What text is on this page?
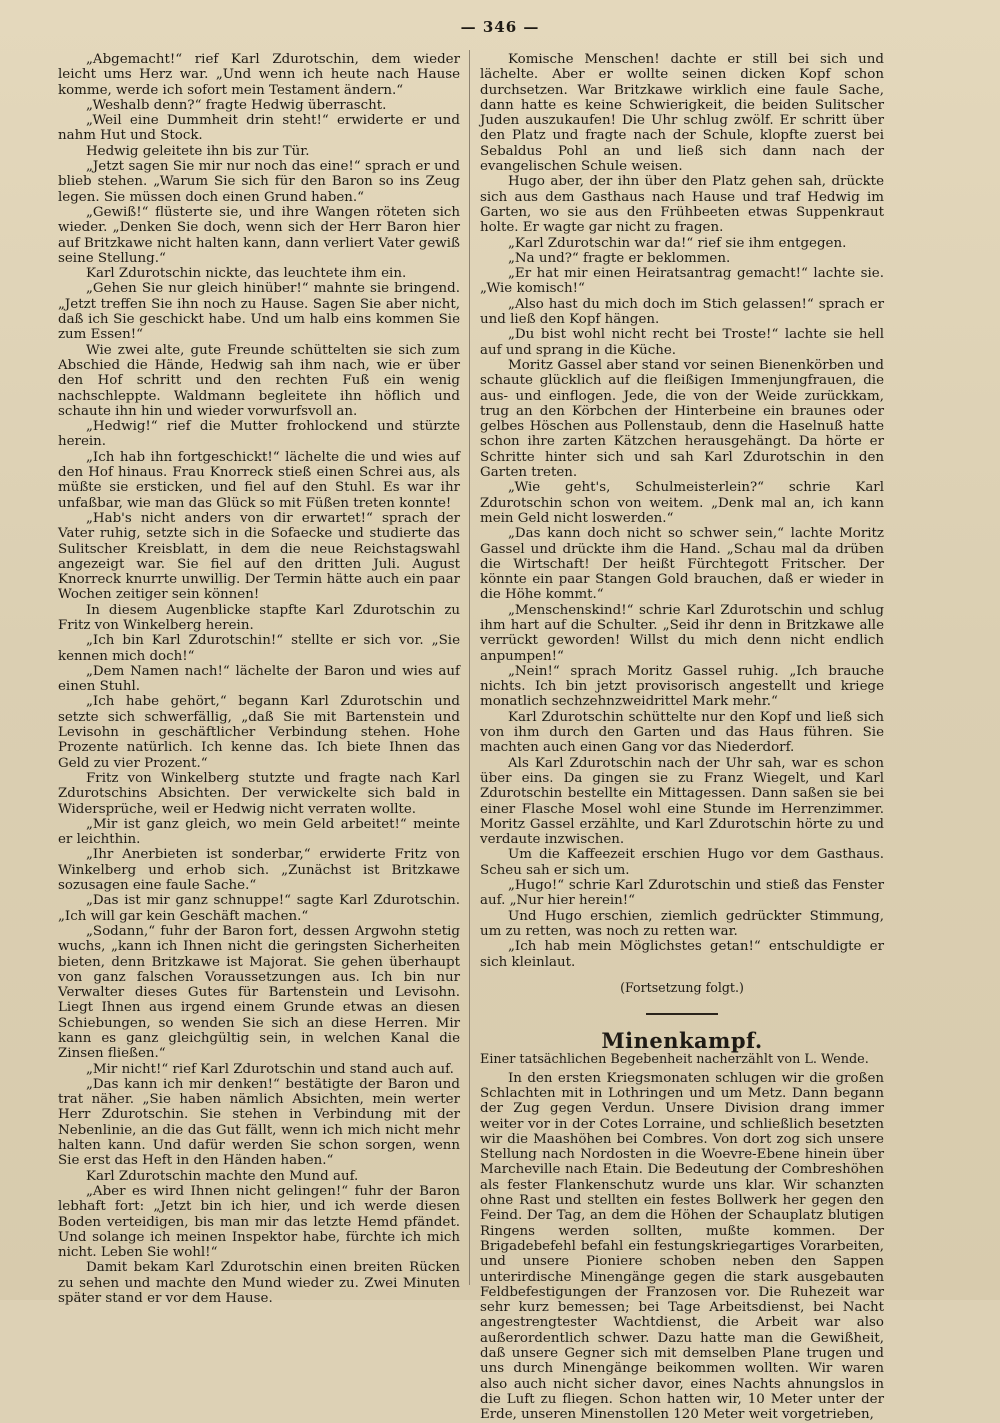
— 346 —

„Abgemacht!“ rief Karl Zdurotschin, dem wieder leicht ums Herz war. „Und wenn ich heute nach Hause komme, werde ich sofort mein Testament ändern.“

„Weshalb denn?“ fragte Hedwig überrascht.

„Weil eine Dummheit drin steht!“ erwiderte er und nahm Hut und Stock.

Hedwig geleitete ihn bis zur Tür.

„Jetzt sagen Sie mir nur noch das eine!“ sprach er und blieb stehen. „Warum Sie sich für den Baron so ins Zeug legen. Sie müssen doch einen Grund haben.“

„Gewiß!“ flüsterte sie, und ihre Wangen röteten sich wieder. „Denken Sie doch, wenn sich der Herr Baron hier auf Britzkawe nicht halten kann, dann verliert Vater gewiß seine Stellung.“

Karl Zdurotschin nickte, das leuchtete ihm ein.

„Gehen Sie nur gleich hinüber!“ mahnte sie bringend. „Jetzt treffen Sie ihn noch zu Hause. Sagen Sie aber nicht, daß ich Sie geschickt habe. Und um halb eins kommen Sie zum Essen!“

Wie zwei alte, gute Freunde schüttelten sie sich zum Abschied die Hände, Hedwig sah ihm nach, wie er über den Hof schritt und den rechten Fuß ein wenig nachschleppte. Waldmann begleitete ihn höflich und schaute ihn hin und wieder vorwurfsvoll an.

„Hedwig!“ rief die Mutter frohlockend und stürzte herein.

„Ich hab ihn fortgeschickt!“ lächelte die und wies auf den Hof hinaus. Frau Knorreck stieß einen Schrei aus, als müßte sie ersticken, und fiel auf den Stuhl. Es war ihr unfaßbar, wie man das Glück so mit Füßen treten konnte!

„Hab's nicht anders von dir erwartet!“ sprach der Vater ruhig, setzte sich in die Sofaecke und studierte das Sulitscher Kreisblatt, in dem die neue Reichstagswahl angezeigt war. Sie fiel auf den dritten Juli. August Knorreck knurrte unwillig. Der Termin hätte auch ein paar Wochen zeitiger sein können!

In diesem Augenblicke stapfte Karl Zdurotschin zu Fritz von Winkelberg herein.

„Ich bin Karl Zdurotschin!“ stellte er sich vor. „Sie kennen mich doch!“

„Dem Namen nach!“ lächelte der Baron und wies auf einen Stuhl.

„Ich habe gehört,“ begann Karl Zdurotschin und setzte sich schwerfällig, „daß Sie mit Bartenstein und Levisohn in geschäftlicher Verbindung stehen. Hohe Prozente natürlich. Ich kenne das. Ich biete Ihnen das Geld zu vier Prozent.“

Fritz von Winkelberg stutzte und fragte nach Karl Zdurotschins Absichten. Der verwickelte sich bald in Widersprüche, weil er Hedwig nicht verraten wollte.

„Mir ist ganz gleich, wo mein Geld arbeitet!“ meinte er leichthin.

„Ihr Anerbieten ist sonderbar,“ erwiderte Fritz von Winkelberg und erhob sich. „Zunächst ist Britzkawe sozusagen eine faule Sache.“

„Das ist mir ganz schnuppe!“ sagte Karl Zdurotschin. „Ich will gar kein Geschäft machen.“

„Sodann,“ fuhr der Baron fort, dessen Argwohn stetig wuchs, „kann ich Ihnen nicht die geringsten Sicherheiten bieten, denn Britzkawe ist Majorat. Sie gehen überhaupt von ganz falschen Voraussetzungen aus. Ich bin nur Verwalter dieses Gutes für Bartenstein und Levisohn. Liegt Ihnen aus irgend einem Grunde etwas an diesen Schiebungen, so wenden Sie sich an diese Herren. Mir kann es ganz gleichgültig sein, in welchen Kanal die Zinsen fließen.“

„Mir nicht!“ rief Karl Zdurotschin und stand auch auf.

„Das kann ich mir denken!“ bestätigte der Baron und trat näher. „Sie haben nämlich Absichten, mein werter Herr Zdurotschin. Sie stehen in Verbindung mit der Nebenlinie, an die das Gut fällt, wenn ich mich nicht mehr halten kann. Und dafür werden Sie schon sorgen, wenn Sie erst das Heft in den Händen haben.“

Karl Zdurotschin machte den Mund auf.

„Aber es wird Ihnen nicht gelingen!“ fuhr der Baron lebhaft fort: „Jetzt bin ich hier, und ich werde diesen Boden verteidigen, bis man mir das letzte Hemd pfändet. Und solange ich meinen Inspektor habe, fürchte ich mich nicht. Leben Sie wohl!“

Damit bekam Karl Zdurotschin einen breiten Rücken zu sehen und machte den Mund wieder zu. Zwei Minuten später stand er vor dem Hause.

Komische Menschen! dachte er still bei sich und lächelte. Aber er wollte seinen dicken Kopf schon durchsetzen. War Britzkawe wirklich eine faule Sache, dann hatte es keine Schwierigkeit, die beiden Sulitscher Juden auszukaufen! Die Uhr schlug zwölf. Er schritt über den Platz und fragte nach der Schule, klopfte zuerst bei Sebaldus Pohl an und ließ sich dann nach der evangelischen Schule weisen.

Hugo aber, der ihn über den Platz gehen sah, drückte sich aus dem Gasthaus nach Hause und traf Hedwig im Garten, wo sie aus den Frühbeeten etwas Suppenkraut holte. Er wagte gar nicht zu fragen.

„Karl Zdurotschin war da!“ rief sie ihm entgegen.

„Na und?“ fragte er beklommen.

„Er hat mir einen Heiratsantrag gemacht!“ lachte sie. „Wie komisch!“

„Also hast du mich doch im Stich gelassen!“ sprach er und ließ den Kopf hängen.

„Du bist wohl nicht recht bei Troste!“ lachte sie hell auf und sprang in die Küche.

Moritz Gassel aber stand vor seinen Bienenkörben und schaute glücklich auf die fleißigen Immenjungfrauen, die aus- und einflogen. Jede, die von der Weide zurückkam, trug an den Körbchen der Hinterbeine ein braunes oder gelbes Höschen aus Pollenstaub, denn die Haselnuß hatte schon ihre zarten Kätzchen herausgehängt. Da hörte er Schritte hinter sich und sah Karl Zdurotschin in den Garten treten.

„Wie geht's, Schulmeisterlein?“ schrie Karl Zdurotschin schon von weitem. „Denk mal an, ich kann mein Geld nicht loswerden.“

„Das kann doch nicht so schwer sein,“ lachte Moritz Gassel und drückte ihm die Hand. „Schau mal da drüben die Wirtschaft! Der heißt Fürchtegott Fritscher. Der könnte ein paar Stangen Gold brauchen, daß er wieder in die Höhe kommt.“

„Menschenskind!“ schrie Karl Zdurotschin und schlug ihm hart auf die Schulter. „Seid ihr denn in Britzkawe alle verrückt geworden! Willst du mich denn nicht endlich anpumpen!“

„Nein!“ sprach Moritz Gassel ruhig. „Ich brauche nichts. Ich bin jetzt provisorisch angestellt und kriege monatlich sechzehnzweidrittel Mark mehr.“

Karl Zdurotschin schüttelte nur den Kopf und ließ sich von ihm durch den Garten und das Haus führen. Sie machten auch einen Gang vor das Niederdorf.

Als Karl Zdurotschin nach der Uhr sah, war es schon über eins. Da gingen sie zu Franz Wiegelt, und Karl Zdurotschin bestellte ein Mittagessen. Dann saßen sie bei einer Flasche Mosel wohl eine Stunde im Herrenzimmer. Moritz Gassel erzählte, und Karl Zdurotschin hörte zu und verdaute inzwischen.

Um die Kaffeezeit erschien Hugo vor dem Gasthaus. Scheu sah er sich um.

„Hugo!“ schrie Karl Zdurotschin und stieß das Fenster auf. „Nur hier herein!“

Und Hugo erschien, ziemlich gedrückter Stimmung, um zu retten, was noch zu retten war.

„Ich hab mein Möglichstes getan!“ entschuldigte er sich kleinlaut.

(Fortsetzung folgt.)

Minenkampf.

Einer tatsächlichen Begebenheit nacherzählt von L. Wende.

In den ersten Kriegsmonaten schlugen wir die großen Schlachten mit in Lothringen und um Metz. Dann begann der Zug gegen Verdun. Unsere Division drang immer weiter vor in der Cotes Lorraine, und schließlich besetzten wir die Maashöhen bei Combres. Von dort zog sich unsere Stellung nach Nordosten in die Woevre-Ebene hinein über Marcheville nach Etain. Die Bedeutung der Combreshöhen als fester Flankenschutz wurde uns klar. Wir schanzten ohne Rast und stellten ein festes Bollwerk her gegen den Feind. Der Tag, an dem die Höhen der Schauplatz blutigen Ringens werden sollten, mußte kommen. Der Brigadebefehl befahl ein festungskriegartiges Vorarbeiten, und unsere Pioniere schoben neben den Sappen unterirdische Minengänge gegen die stark ausgebauten Feldbefestigungen der Franzosen vor. Die Ruhezeit war sehr kurz bemessen; bei Tage Arbeitsdienst, bei Nacht angestrengtester Wachtdienst, die Arbeit war also außerordentlich schwer. Dazu hatte man die Gewißheit, daß unsere Gegner sich mit demselben Plane trugen und uns durch Minengänge beikommen wollten. Wir waren also auch nicht sicher davor, eines Nachts ahnungslos in die Luft zu fliegen. Schon hatten wir, 10 Meter unter der Erde, unseren Minenstollen 120 Meter weit vorgetrieben,
